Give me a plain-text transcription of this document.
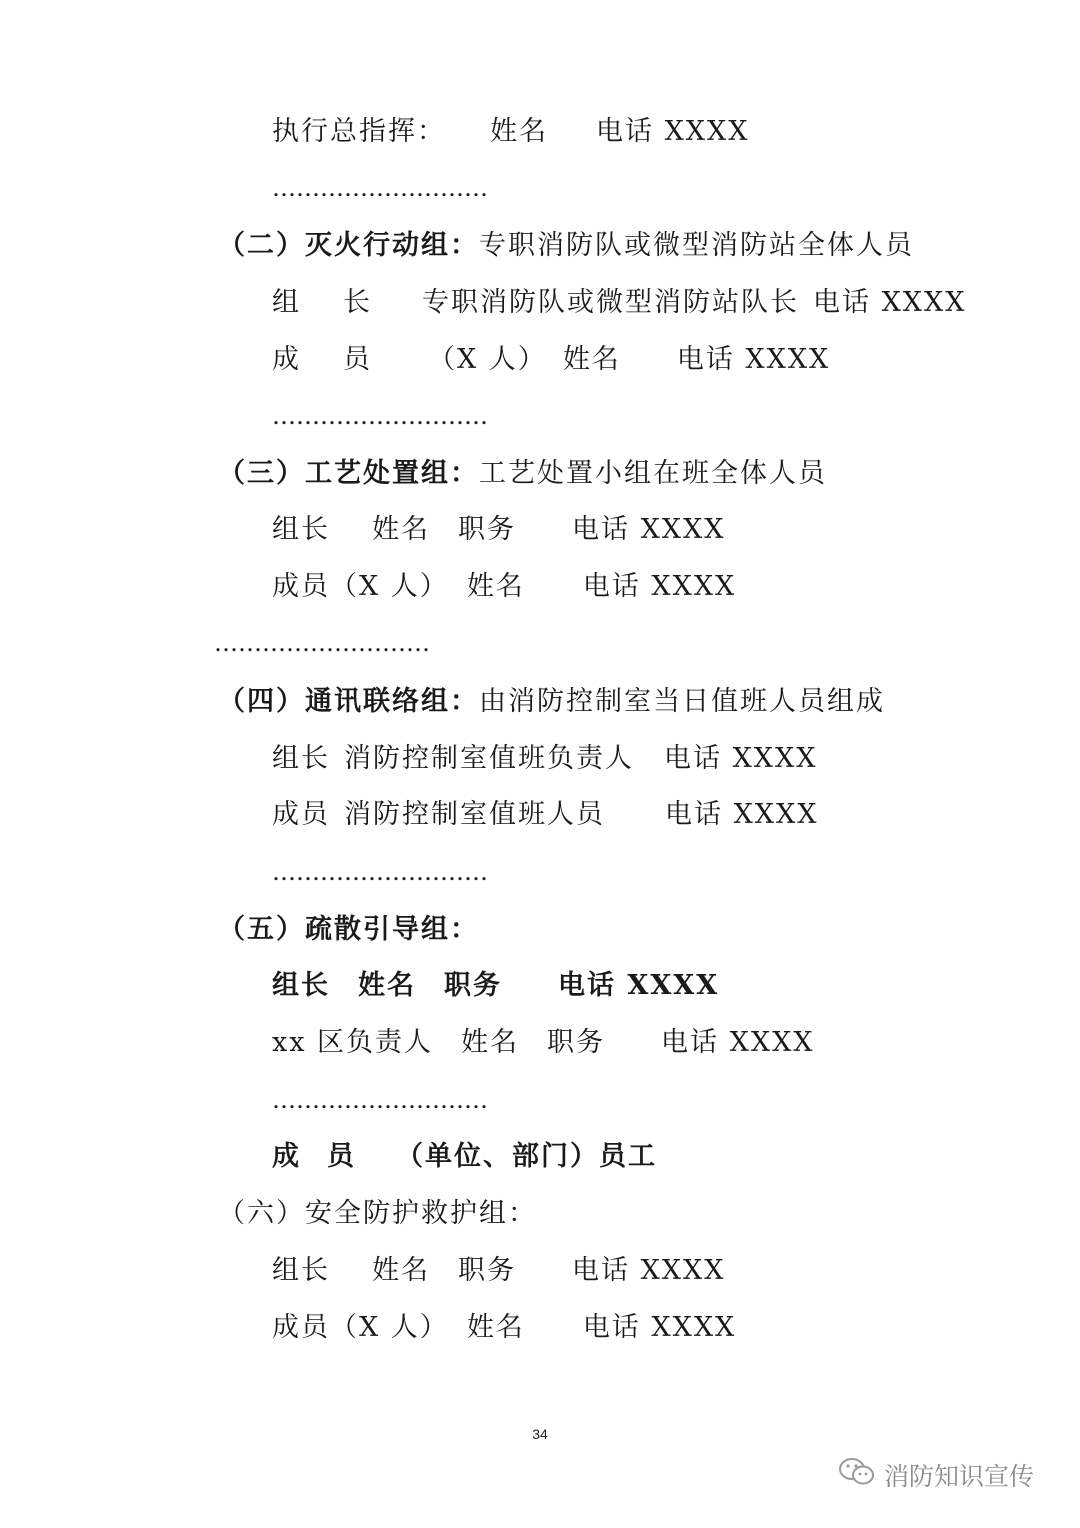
执行总指挥： 姓名 电话 XXXX
………………………
（二）灭火行动组：专职消防队或微型消防站全体人员
组 长 专职消防队或微型消防站队长 电话 XXXX
成 员 （X 人） 姓名 电话 XXXX
………………………
（三）工艺处置组：工艺处置小组在班全体人员
组长 姓名 职务 电话 XXXX
成员（X 人） 姓名 电话 XXXX
………………………
（四）通讯联络组：由消防控制室当日值班人员组成
组长 消防控制室值班负责人 电话 XXXX
成员 消防控制室值班人员 电话 XXXX
………………………
（五）疏散引导组：
组长 姓名 职务 电话 XXXX
xx 区负责人 姓名 职务 电话 XXXX
………………………
成 员 （单位、部门）员工
（六）安全防护救护组：
组长 姓名 职务 电话 XXXX
成员（X 人） 姓名 电话 XXXX
34
消防知识宣传
